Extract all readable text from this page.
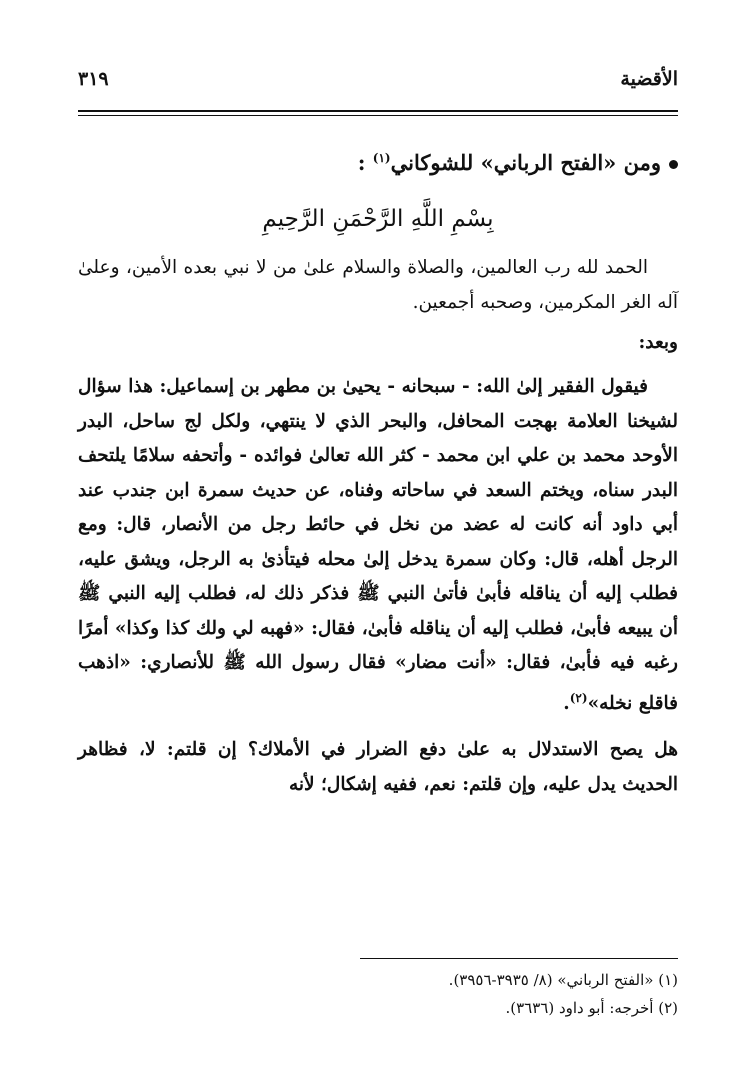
الأقضية
٣١٩
ومن «الفتح الرباني» للشوكاني$^{(١)}$ :
بِسْمِ اللَّهِ الرَّحْمَنِ الرَّحِيمِ

الحمد لله رب العالمين، والصلاة والسلام علىٰ من لا نبي بعده الأمين، وعلىٰ آله الغر المكرمين، وصحبه أجمعين.

وبعد:

فيقول الفقير إلىٰ الله: - سبحانه - يحيىٰ بن مطهر بن إسماعيل: هذا سؤال لشيخنا العلامة بهجت المحافل، والبحر الذي لا ينتهي، ولكل لج ساحل، البدر الأوحد محمد بن علي ابن محمد - كثر الله تعالىٰ فوائده - وأتحفه سلامًا يلتحف البدر سناه، ويختم السعد في ساحاته وفناه، عن حديث سمرة ابن جندب عند أبي داود أنه كانت له عضد من نخل في حائط رجل من الأنصار، قال: ومع الرجل أهله، قال: وكان سمرة يدخل إلىٰ محله فيتأذىٰ به الرجل، ويشق عليه، فطلب إليه أن يناقله فأبىٰ فأتىٰ النبي ﷺ فذكر ذلك له، فطلب إليه النبي ﷺ أن يبيعه فأبىٰ، فطلب إليه أن يناقله فأبىٰ، فقال: «فهبه لي ولك كذا وكذا» أمرًا رغبه فيه فأبىٰ، فقال: «أنت مضار» فقال رسول الله ﷺ للأنصاري: «اذهب فاقلع نخله»$^{(٢)}$.

هل يصح الاستدلال به علىٰ دفع الضرار في الأملاك؟ إن قلتم: لا، فظاهر الحديث يدل عليه، وإن قلتم: نعم، ففيه إشكال؛ لأنه

(١) «الفتح الرباني» (٨/ ٣٩٣٥-٣٩٥٦).
(٢) أخرجه: أبو داود (٣٦٣٦).
